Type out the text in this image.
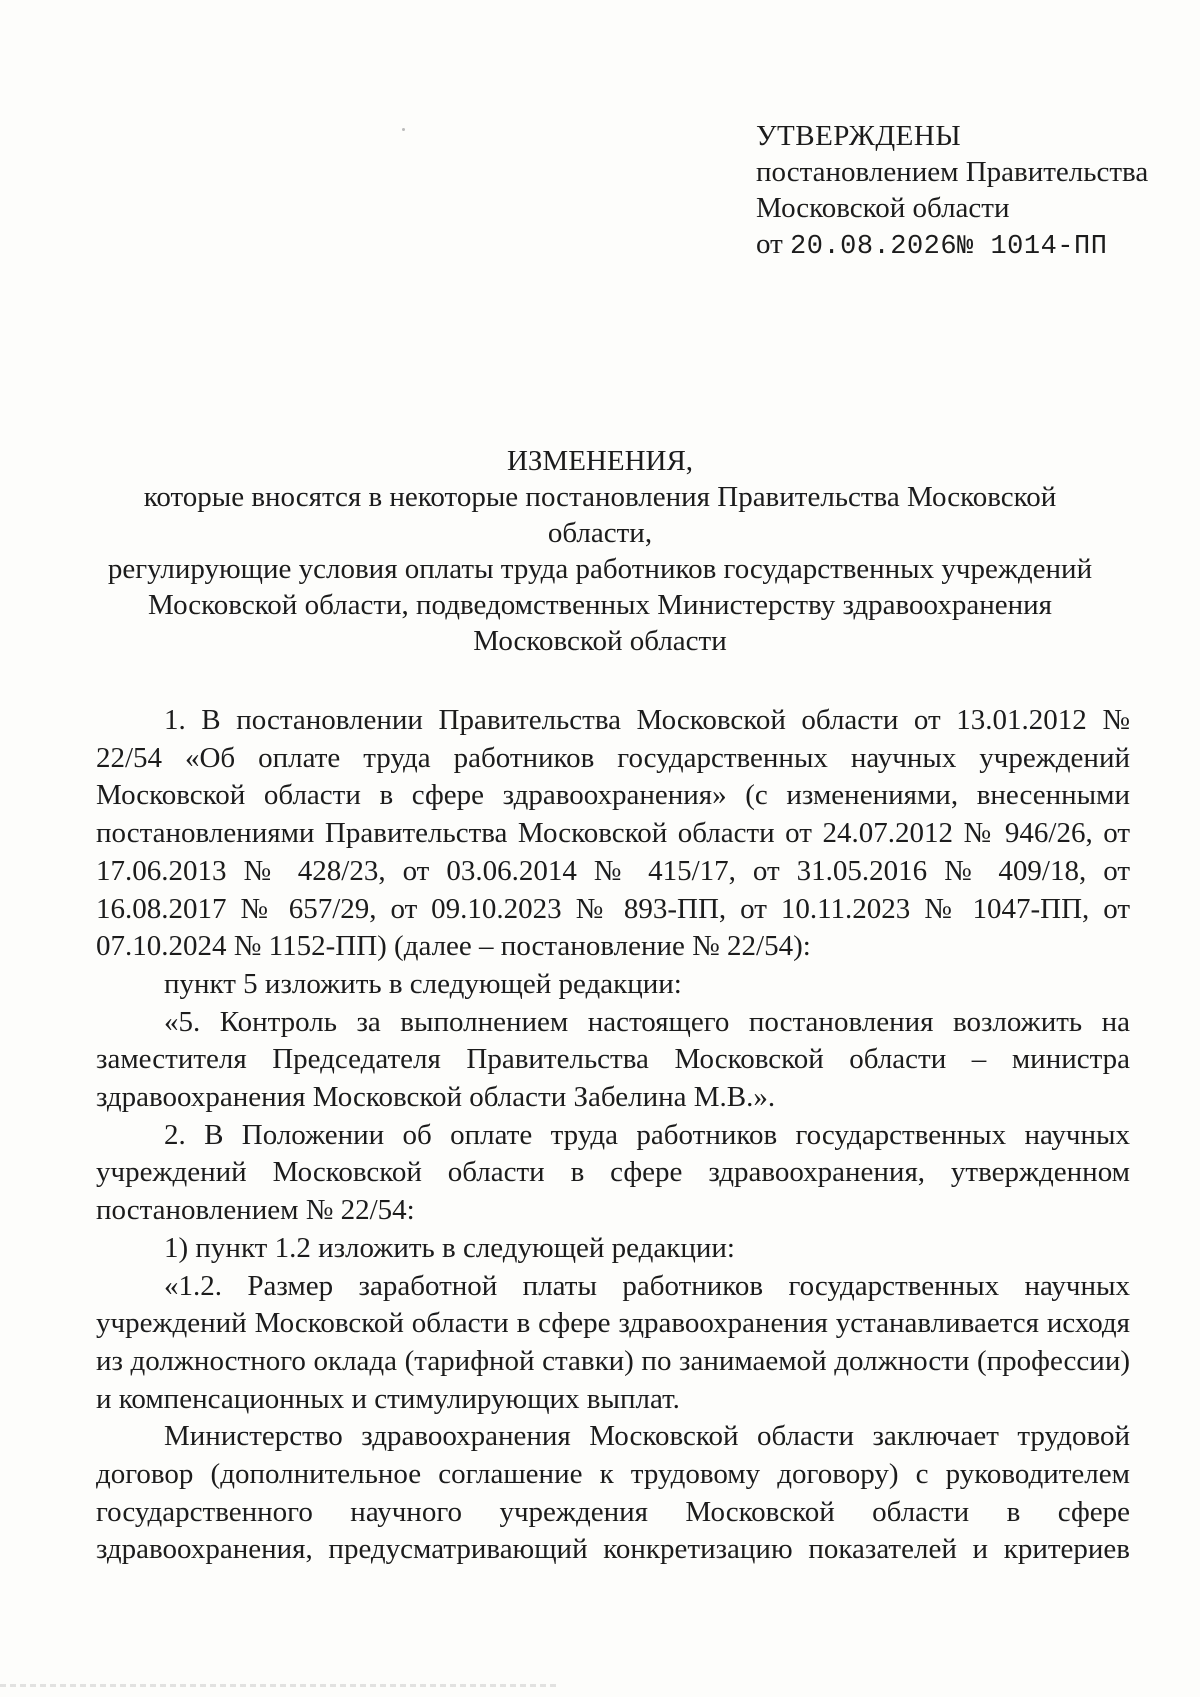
УТВЕРЖДЕНЫ
постановлением Правительства
Московской области
от 20.08.2026№ 1014-ПП
ИЗМЕНЕНИЯ,
которые вносятся в некоторые постановления Правительства Московской области,
регулирующие условия оплаты труда работников государственных учреждений
Московской области, подведомственных Министерству здравоохранения
Московской области

1. В постановлении Правительства Московской области от 13.01.2012 № 22/54 «Об оплате труда работников государственных научных учреждений Московской области в сфере здравоохранения» (с изменениями, внесенными постановлениями Правительства Московской области от 24.07.2012 № 946/26, от 17.06.2013 № 428/23, от 03.06.2014 № 415/17, от 31.05.2016 № 409/18, от 16.08.2017 № 657/29, от 09.10.2023 № 893-ПП, от 10.11.2023 № 1047-ПП, от 07.10.2024 № 1152-ПП) (далее – постановление № 22/54):

пункт 5 изложить в следующей редакции:

«5. Контроль за выполнением настоящего постановления возложить на заместителя Председателя Правительства Московской области – министра здравоохранения Московской области Забелина М.В.».

2. В Положении об оплате труда работников государственных научных учреждений Московской области в сфере здравоохранения, утвержденном постановлением № 22/54:

1) пункт 1.2 изложить в следующей редакции:

«1.2. Размер заработной платы работников государственных научных учреждений Московской области в сфере здравоохранения устанавливается исходя из должностного оклада (тарифной ставки) по занимаемой должности (профессии) и компенсационных и стимулирующих выплат.

Министерство здравоохранения Московской области заключает трудовой договор (дополнительное соглашение к трудовому договору) с руководителем государственного научного учреждения Московской области в сфере здравоохранения, предусматривающий конкретизацию показателей и критериев
